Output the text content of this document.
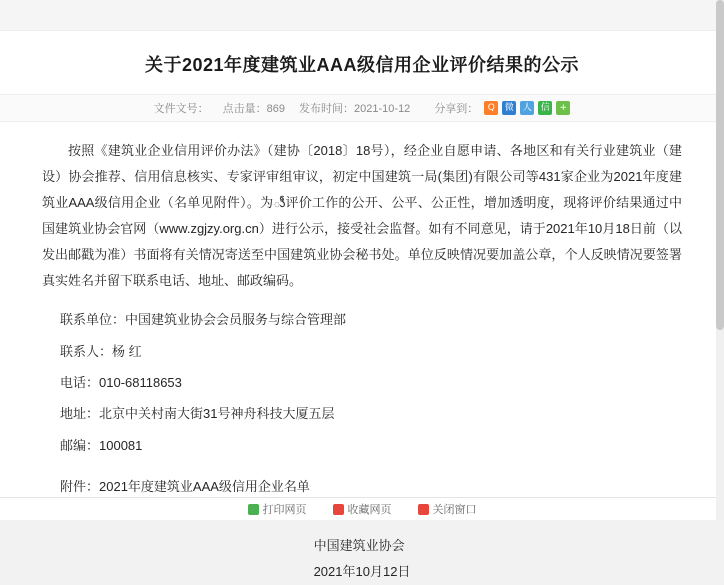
关于2021年度建筑业AAA级信用企业评价结果的公示
文件文号： 点击量：869 发布时间：2021-10-12 分享到：	Q	微 人 信	+

按照《建筑业企业信用评价办法》（建协〔2018〕18号），经企业自愿申请、各地区和有关行业建筑业（建设）协会推荐、信用信息核实、专家评审组审议，初定中国建筑一局(集团)有限公司等431家企业为2021年度建筑业AAA级信用企业（名单见附件）。为ుీ评价工作的公开、公平、公正性，增加透明度，现将评价结果通过中国建筑业协会官网（www.zgjzy.org.cn）进行公示，接受社会监督。如有不同意见，请于2021年10月18日前（以发出邮戳为准）书面将有关情况寄送至中国建筑业协会秘书处。单位反映情况要加盖公章，个人反映情况要签署真实姓名并留下联系电话、地址、邮政编码。

联系单位：中国建筑业协会会员服务与综合管理部
联系人：杨 红
电话：010-68118653
地址：北京中关村南大街31号神舟科技大厦五层
邮编：100081
附件：2021年度建筑业AAA级信用企业名单
中国建筑业协会
2021年10月12日
打印网页	收藏网页	关闭窗口
